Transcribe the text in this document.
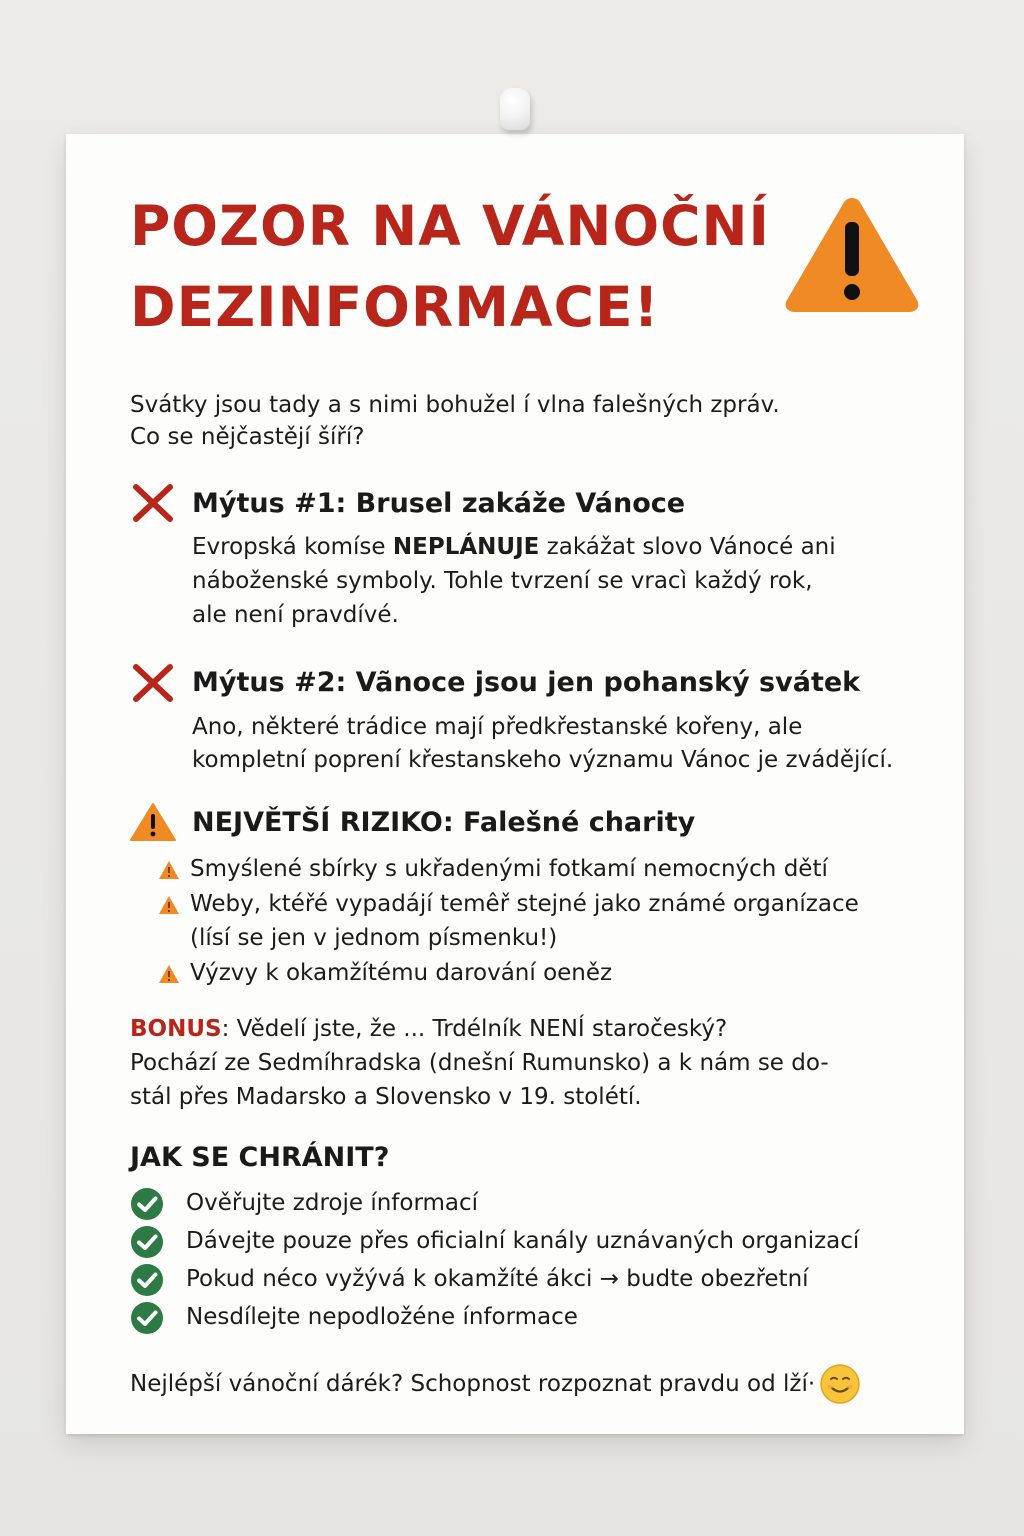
POZOR NA VÁNOČNÍ
DEZINFORMACE!

Svátky jsou tady a s nimi bohužel í vlna falešných zpráv.
Co se nějčastějí šíří?

Mýtus #1: Brusel zakáže Vánoce
Evropská komíse NEPLÁNUJE zakážat slovo Vánocé ani
náboženské symboly. Tohle tvrzení se vracì každý rok,
ale není pravdívé.
Mýtus #2: Vãnoce jsou jen pohanský svátek
Ano, některé trádice mají předkřestanské kořeny, ale
kompletní poprení křestanskeho významu Vánoc je zvádějící.
NEJVĚTŠÍ RIZIKO: Falešné charity
Smyślené sbírky s ukřadenými fotkamí nemocných dětí
Weby, ktéřé vypadájí temêř stejné jako známé organízace
(lísí se jen v jednom písmenku!)
Výzvy k okamžítému darování oeněz
BONUS: Vědelí jste, že ... Trdélník NENÍ staročeský?
Pochází ze Sedmíhradska (dnešní Rumunsko) a k nám se do-
stál přes Madarsko a Slovensko v 19. stolétí.
JAK SE CHRÁNIT?
Ověřujte zdroje ínformací
Dávejte pouze přes oficialní kanály uznávaných organizací
Pokud néco vyžývá k okamžíté ákci → budte obezřetní
Nesdílejte nepodložéne ínformace
Nejlépší vánoční dárék? Schopnost rozpoznat pravdu od lží·
